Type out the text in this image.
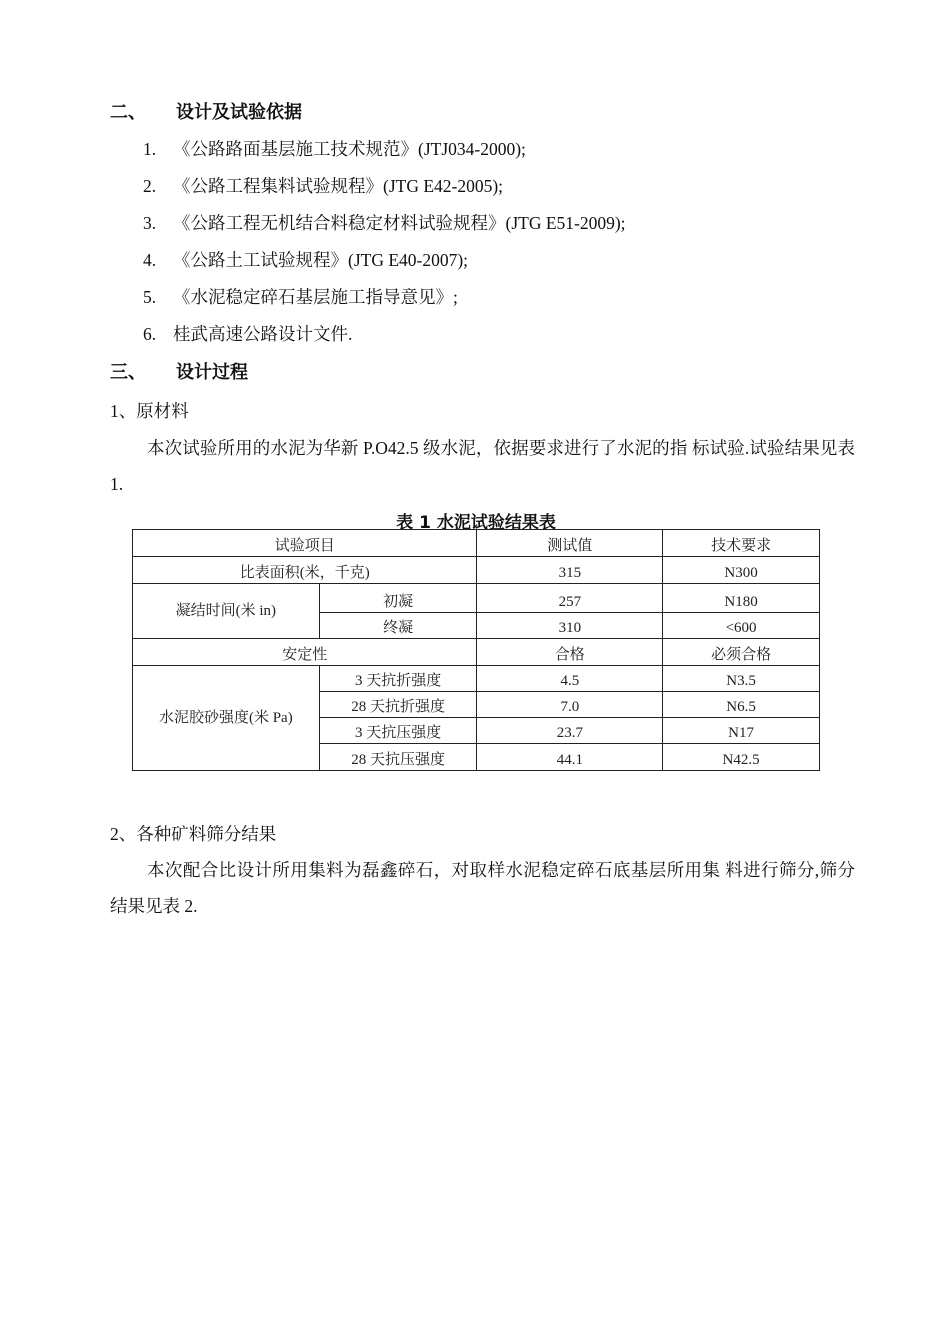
二、 设计及试验依据
1. 《公路路面基层施工技术规范》(JTJ034-2000);
2. 《公路工程集料试验规程》(JTG E42-2005);
3. 《公路工程无机结合料稳定材料试验规程》(JTG E51-2009);
4. 《公路土工试验规程》(JTG E40-2007);
5. 《水泥稳定碎石基层施工指导意见》;
6. 桂武高速公路设计文件.
三、 设计过程
1、原材料
本次试验所用的水泥为华新 P.O42.5 级水泥，依据要求进行了水泥的指 标试验.试验结果见表 1.
表 1 水泥试验结果表
试验项目		测试值	技术要求
比表面积(米，千克)		315	N300
凝结时间(米 in)	初凝	257	N180
	终凝	310	<600
安定性		合格	必须合格
水泥胶砂强度(米 Pa)	3 天抗折强度	4.5	N3.5
	28 天抗折强度	7.0	N6.5
	3 天抗压强度	23.7	N17
	28 天抗压强度	44.1	N42.5
2、各种矿料筛分结果
本次配合比设计所用集料为磊鑫碎石，对取样水泥稳定碎石底基层所用集 料进行筛分,筛分结果见表 2.
